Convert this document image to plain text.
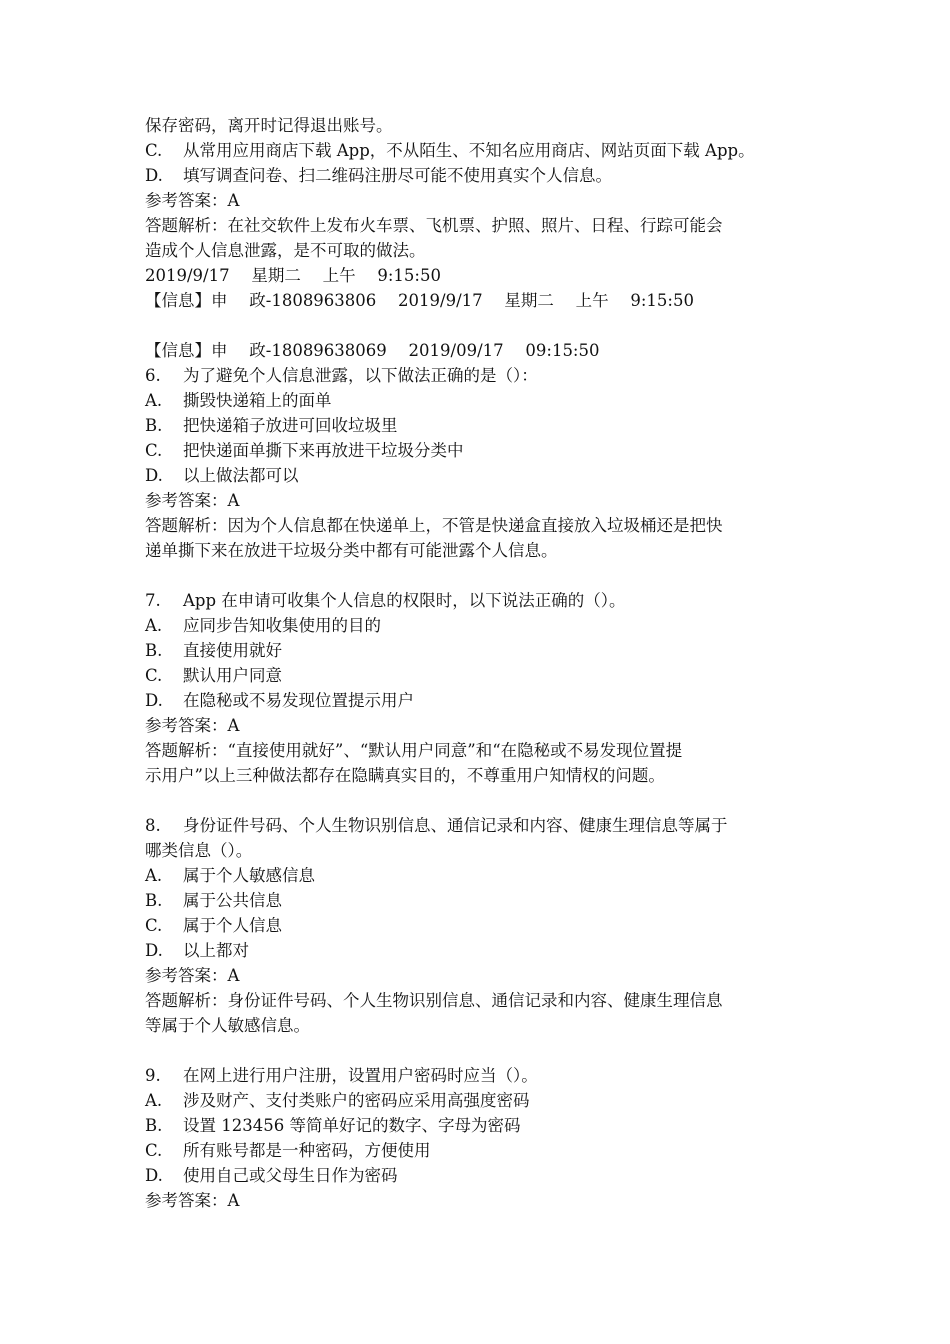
保存密码，离开时记得退出账号。
C. 从常用应用商店下载 App，不从陌生、不知名应用商店、网站页面下载 App。
D. 填写调查问卷、扫二维码注册尽可能不使用真实个人信息。
参考答案：A
答题解析：在社交软件上发布火车票、飞机票、护照、照片、日程、行踪可能会
造成个人信息泄露，是不可取的做法。
2019/9/17　 星期二　 上午　 9:15:50
【信息】申　 政-1808963806　 2019/9/17　 星期二　 上午　 9:15:50
【信息】申　 政-18089638069　 2019/09/17　 09:15:50
6. 为了避免个人信息泄露，以下做法正确的是（）：
A. 撕毁快递箱上的面单
B. 把快递箱子放进可回收垃圾里
C. 把快递面单撕下来再放进干垃圾分类中
D. 以上做法都可以
参考答案：A
答题解析：因为个人信息都在快递单上，不管是快递盒直接放入垃圾桶还是把快
递单撕下来在放进干垃圾分类中都有可能泄露个人信息。
7. App 在申请可收集个人信息的权限时，以下说法正确的（）。
A. 应同步告知收集使用的目的
B. 直接使用就好
C. 默认用户同意
D. 在隐秘或不易发现位置提示用户
参考答案：A
答题解析：“直接使用就好”、“默认用户同意”和“在隐秘或不易发现位置提
示用户”以上三种做法都存在隐瞒真实目的，不尊重用户知情权的问题。
8. 身份证件号码、个人生物识别信息、通信记录和内容、健康生理信息等属于
哪类信息（）。
A. 属于个人敏感信息
B. 属于公共信息
C. 属于个人信息
D. 以上都对
参考答案：A
答题解析：身份证件号码、个人生物识别信息、通信记录和内容、健康生理信息
等属于个人敏感信息。
9. 在网上进行用户注册，设置用户密码时应当（）。
A. 涉及财产、支付类账户的密码应采用高强度密码
B. 设置 123456 等简单好记的数字、字母为密码
C. 所有账号都是一种密码，方便使用
D. 使用自己或父母生日作为密码
参考答案：A
